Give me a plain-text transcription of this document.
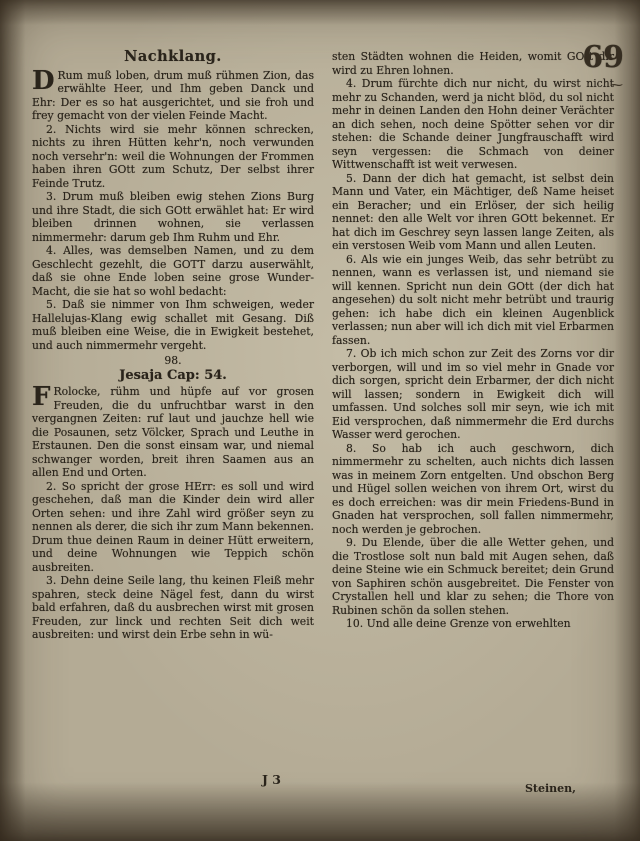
69
⁓

Nachklang.

D Rum muß loben, drum muß rühmen Zion, das erwählte Heer, und Ihm geben Danck und Ehr: Der es so hat ausgerichtet, und sie froh und frey gemacht von der vielen Feinde Macht.

2. Nichts wird sie mehr können schrecken, nichts zu ihren Hütten kehr'n, noch verwunden noch versehr'n: weil die Wohnungen der Frommen haben ihren GOtt zum Schutz, Der selbst ihrer Feinde Trutz.

3. Drum muß bleiben ewig stehen Zions Burg und ihre Stadt, die sich GOtt erwählet hat: Er wird bleiben drinnen wohnen, sie verlassen nimmermehr: darum geb Ihm Ruhm und Ehr.

4. Alles, was demselben Namen, und zu dem Geschlecht gezehlt, die GOTT darzu auserwählt, daß sie ohne Ende loben seine grose Wunder-Macht, die sie hat so wohl bedacht:

5. Daß sie nimmer von Ihm schweigen, weder Hallelujas-Klang ewig schallet mit Gesang. Diß muß bleiben eine Weise, die in Ewigkeit bestehet, und auch nimmermehr vergeht.

98.

Jesaja Cap: 54.

F Rolocke, rühm und hüpfe auf vor grosen Freuden, die du unfruchtbar warst in den vergangnen Zeiten: ruf laut und jauchze hell wie die Posaunen, setz Völcker, Sprach und Leuthe in Erstaunen. Den die sonst einsam war, und niemal schwanger worden, breit ihren Saamen aus an allen End und Orten.

2. So spricht der grose HErr: es soll und wird geschehen, daß man die Kinder dein wird aller Orten sehen: und ihre Zahl wird größer seyn zu nennen als derer, die sich ihr zum Mann bekennen. Drum thue deinen Raum in deiner Hütt erweitern, und deine Wohnungen wie Teppich schön ausbreiten.

3. Dehn deine Seile lang, thu keinen Fleiß mehr spahren, steck deine Nägel fest, dann du wirst bald erfahren, daß du ausbrechen wirst mit grosen Freuden, zur linck und rechten Seit dich weit ausbreiten: und wirst dein Erbe sehn in wü-

sten Städten wohnen die Heiden, womit GOtt dir wird zu Ehren lohnen.

4. Drum fürchte dich nur nicht, du wirst nicht mehr zu Schanden, werd ja nicht blöd, du sol nicht mehr in deinen Landen den Hohn deiner Verächter an dich sehen, noch deine Spötter sehen vor dir stehen: die Schande deiner Jungfrauschafft wird seyn vergessen: die Schmach von deiner Wittwenschafft ist weit verwesen.

5. Dann der dich hat gemacht, ist selbst dein Mann und Vater, ein Mächtiger, deß Name heiset ein Beracher; und ein Erlöser, der sich heilig nennet: den alle Welt vor ihren GOtt bekennet. Er hat dich im Geschrey seyn lassen lange Zeiten, als ein verstosen Weib vom Mann und allen Leuten.

6. Als wie ein junges Weib, das sehr betrübt zu nennen, wann es verlassen ist, und niemand sie will kennen. Spricht nun dein GOtt (der dich hat angesehen) du solt nicht mehr betrübt und traurig gehen: ich habe dich ein kleinen Augenblick verlassen; nun aber will ich dich mit viel Erbarmen fassen.

7. Ob ich mich schon zur Zeit des Zorns vor dir verborgen, will und im so viel mehr in Gnade vor dich sorgen, spricht dein Erbarmer, der dich nicht will lassen; sondern in Ewigkeit dich will umfassen. Und solches soll mir seyn, wie ich mit Eid versprochen, daß nimmermehr die Erd durchs Wasser werd gerochen.

8. So hab ich auch geschworn, dich nimmermehr zu schelten, auch nichts dich lassen was in meinem Zorn entgelten. Und obschon Berg und Hügel sollen weichen von ihrem Ort, wirst du es doch erreichen: was dir mein Friedens-Bund in Gnaden hat versprochen, soll fallen nimmermehr, noch werden je gebrochen.

9. Du Elende, über die alle Wetter gehen, und die Trostlose solt nun bald mit Augen sehen, daß deine Steine wie ein Schmuck bereitet; dein Grund von Saphiren schön ausgebreitet. Die Fenster von Crystallen hell und klar zu sehen; die Thore von Rubinen schön da sollen stehen.

10. Und alle deine Grenze von erwehlten

J 3
Steinen,
